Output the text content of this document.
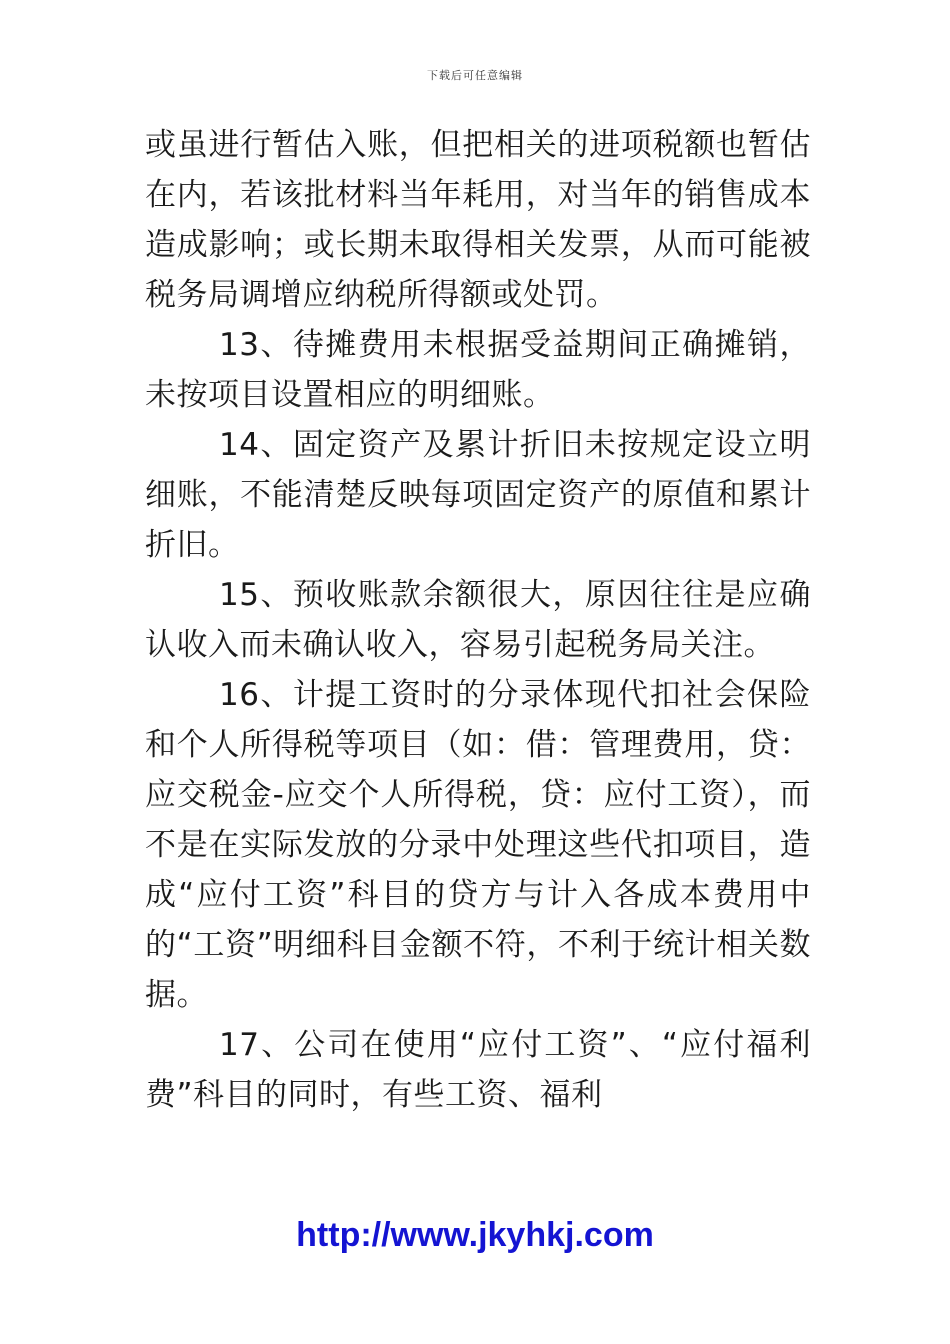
下载后可任意编辑

或虽进行暂估入账，但把相关的进项税额也暂估在内，若该批材料当年耗用，对当年的销售成本造成影响；或长期未取得相关发票，从而可能被税务局调增应纳税所得额或处罚。

13、待摊费用未根据受益期间正确摊销，未按项目设置相应的明细账。

14、固定资产及累计折旧未按规定设立明细账，不能清楚反映每项固定资产的原值和累计折旧。

15、预收账款余额很大，原因往往是应确认收入而未确认收入，容易引起税务局关注。

16、计提工资时的分录体现代扣社会保险和个人所得税等项目（如：借：管理费用，贷：应交税金-应交个人所得税，贷：应付工资），而不是在实际发放的分录中处理这些代扣项目，造成“应付工资”科目的贷方与计入各成本费用中的“工资”明细科目金额不符，不利于统计相关数据。

17、公司在使用“应付工资”、“应付福利费”科目的同时，有些工资、福利

http://www.jkyhkj.com
